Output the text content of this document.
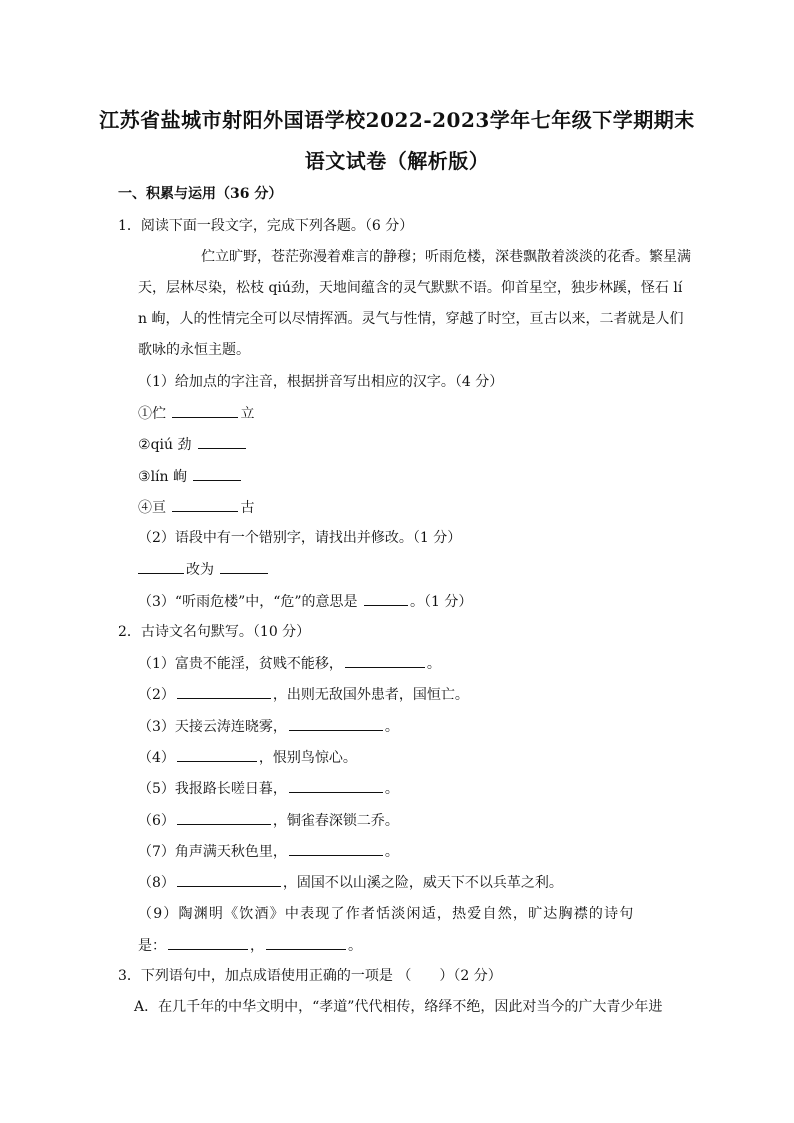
江苏省盐城市射阳外国语学校2022-2023学年七年级下学期期末
语文试卷（解析版）
一、积累与运用（36 分）
1．阅读下面一段文字，完成下列各题。（6 分）
伫立旷野，苍茫弥漫着难言的静穆；听雨危楼，深巷飘散着淡淡的花香。繁星满
天，层林尽染，松枝 qiú劲，天地间蕴含的灵气默默不语。仰首星空，独步林蹊，怪石 lí
n 峋，人的性情完全可以尽情挥洒。灵气与性情，穿越了时空，亘古以来，二者就是人们
歌咏的永恒主题。
（1）给加点的字注音，根据拼音写出相应的汉字。（4 分）
①伫	立
②qiú 劲
③lín 峋
④亘	古
（2）语段中有一个错别字，请找出并修改。（1 分）
改为
（3）“听雨危楼”中，“危”的意思是	。（1 分）
2．古诗文名句默写。（10 分）
（1）富贵不能淫，贫贱不能移，	。
（2）	，出则无敌国外患者，国恒亡。
（3）天接云涛连晓雾，	。
（4）	，恨别鸟惊心。
（5）我报路长嗟日暮，	。
（6）	，铜雀春深锁二乔。
（7）角声满天秋色里，	。
（8）	，固国不以山溪之险，威天下不以兵革之利。
（9）陶渊明《饮酒》中表现了作者恬淡闲适，热爱自然，旷达胸襟的诗句
是：	，	。
3．下列语句中，加点成语使用正确的一项是 （　　）（2 分）
A．在几千年的中华文明中，“孝道”代代相传，络绎不绝，因此对当今的广大青少年进
